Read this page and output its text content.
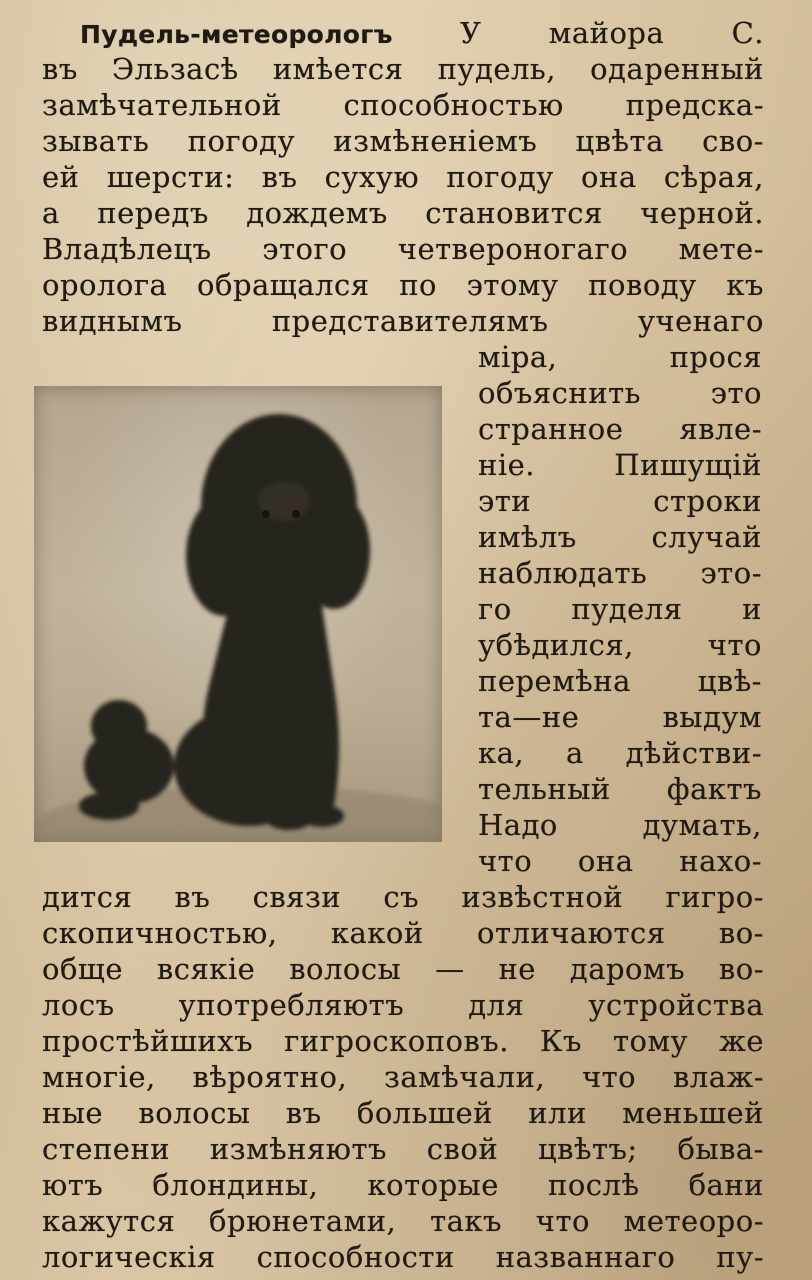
Пудель-метеорологъ У майора С.
въ Эльзасѣ имѣется пудель, одаренный
замѣчательной способностью предска-
зывать погоду измѣненіемъ цвѣта сво-
ей шерсти: въ сухую погоду она сѣрая,
а передъ дождемъ становится черной.
Владѣлецъ этого четвероногаго мете-
оролога обращался по этому поводу къ
виднымъ представителямъ ученаго
міра, прося
объяснить это
странное явле-
ніе. Пишущій
эти строки
имѣлъ случай
наблюдать это-
го пуделя и
убѣдился, что
перемѣна цвѣ-
та—не выдум
ка, а дѣйстви-
тельный фактъ
Надо думать,
что она нахо-
дится въ связи съ извѣстной гигро-
скопичностью, какой отличаются во-
обще всякіе волосы — не даромъ во-
лосъ употребляютъ для устройства
простѣйшихъ гигроскоповъ. Къ тому же
многіе, вѣроятно, замѣчали, что влаж-
ные волосы въ большей или меньшей
степени измѣняютъ свой цвѣтъ; быва-
ютъ блондины, которые послѣ бани
кажутся брюнетами, такъ что метеоро-
логическія способности названнаго пу-
